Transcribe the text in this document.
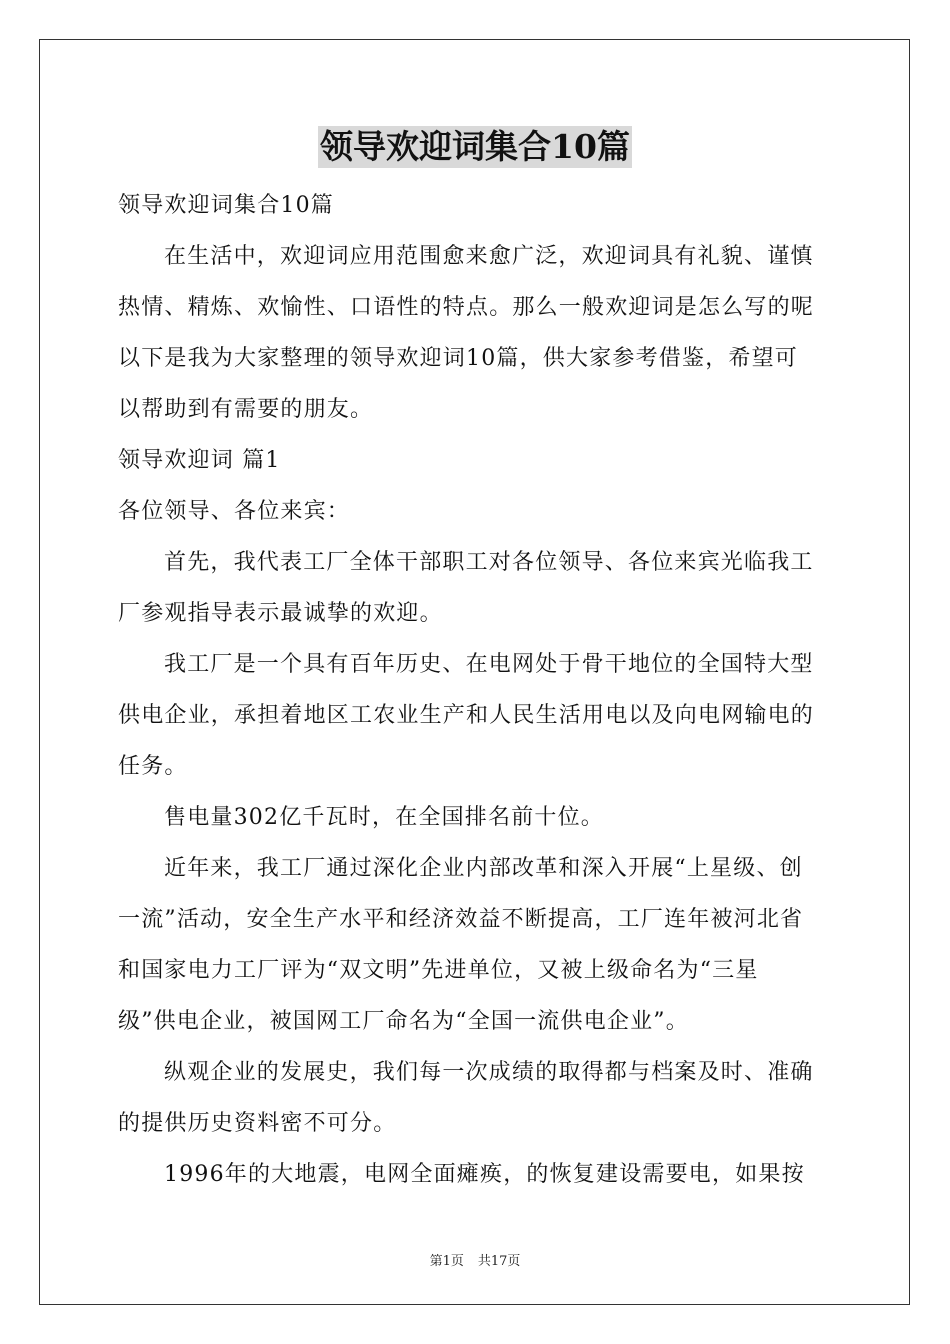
领导欢迎词集合10篇
领导欢迎词集合10篇
在生活中，欢迎词应用范围愈来愈广泛，欢迎词具有礼貌、谨慎
热情、精炼、欢愉性、口语性的特点。那么一般欢迎词是怎么写的呢
以下是我为大家整理的领导欢迎词10篇，供大家参考借鉴，希望可
以帮助到有需要的朋友。
领导欢迎词 篇1
各位领导、各位来宾：
首先，我代表工厂全体干部职工对各位领导、各位来宾光临我工
厂参观指导表示最诚挚的欢迎。
我工厂是一个具有百年历史、在电网处于骨干地位的全国特大型
供电企业，承担着地区工农业生产和人民生活用电以及向电网输电的
任务。
售电量302亿千瓦时，在全国排名前十位。
近年来，我工厂通过深化企业内部改革和深入开展“上星级、创
一流”活动，安全生产水平和经济效益不断提高，工厂连年被河北省
和国家电力工厂评为“双文明”先进单位，又被上级命名为“三星
级”供电企业，被国网工厂命名为“全国一流供电企业”。
纵观企业的发展史，我们每一次成绩的取得都与档案及时、准确
的提供历史资料密不可分。
1996年的大地震，电网全面瘫痪，的恢复建设需要电，如果按
第1页 共17页
